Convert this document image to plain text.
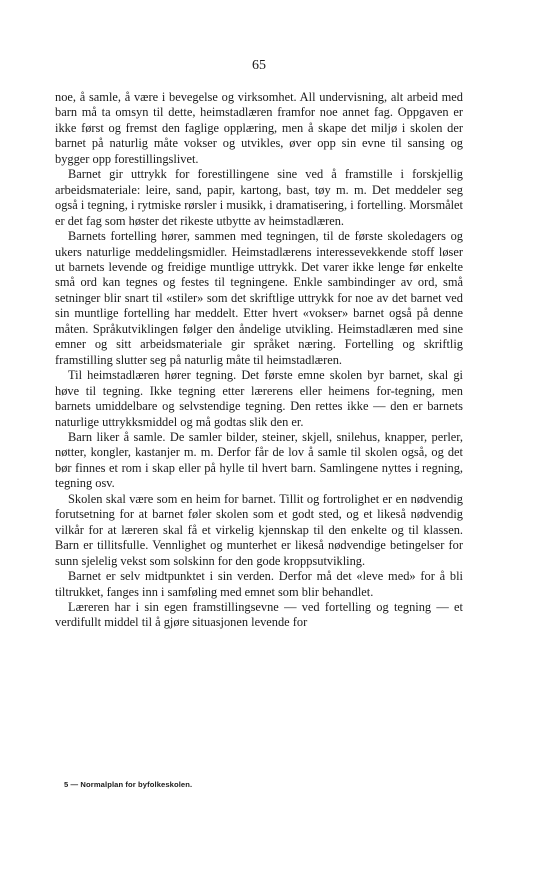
65

noe, å samle, å være i bevegelse og virksomhet. All undervisning, alt arbeid med barn må ta omsyn til dette, heimstadlæren framfor noe annet fag. Oppgaven er ikke først og fremst den faglige opplæring, men å skape det miljø i skolen der barnet på naturlig måte vokser og utvikles, øver opp sin evne til sansing og bygger opp forestillingslivet.

Barnet gir uttrykk for forestillingene sine ved å framstille i forskjellig arbeidsmateriale: leire, sand, papir, kartong, bast, tøy m. m. Det meddeler seg også i tegning, i rytmiske rørsler i musikk, i dramatisering, i fortelling. Morsmålet er det fag som høster det rikeste utbytte av heimstadlæren.

Barnets fortelling hører, sammen med tegningen, til de første skoledagers og ukers naturlige meddelingsmidler. Heimstadlærens interessevekkende stoff løser ut barnets levende og freidige muntlige uttrykk. Det varer ikke lenge før enkelte små ord kan tegnes og festes til tegningene. Enkle sambindinger av ord, små setninger blir snart til «stiler» som det skriftlige uttrykk for noe av det barnet ved sin muntlige fortelling har meddelt. Etter hvert «vokser» barnet også på denne måten. Språkutviklingen følger den åndelige utvikling. Heimstadlæren med sine emner og sitt arbeidsmateriale gir språket næring. Fortelling og skriftlig framstilling slutter seg på naturlig måte til heimstadlæren.

Til heimstadlæren hører tegning. Det første emne skolen byr barnet, skal gi høve til tegning. Ikke tegning etter lærerens eller heimens for-tegning, men barnets umiddelbare og selvstendige tegning. Den rettes ikke — den er barnets naturlige uttrykksmiddel og må godtas slik den er.

Barn liker å samle. De samler bilder, steiner, skjell, snilehus, knapper, perler, nøtter, kongler, kastanjer m. m. Derfor får de lov å samle til skolen også, og det bør finnes et rom i skap eller på hylle til hvert barn. Samlingene nyttes i regning, tegning osv.

Skolen skal være som en heim for barnet. Tillit og fortrolighet er en nødvendig forutsetning for at barnet føler skolen som et godt sted, og et likeså nødvendig vilkår for at læreren skal få et virkelig kjennskap til den enkelte og til klassen. Barn er tillitsfulle. Vennlighet og munterhet er likeså nødvendige betingelser for sunn sjelelig vekst som solskinn for den gode kroppsutvikling.

Barnet er selv midtpunktet i sin verden. Derfor må det «leve med» for å bli tiltrukket, fanges inn i samføling med emnet som blir behandlet.

Læreren har i sin egen framstillingsevne — ved fortelling og tegning — et verdifullt middel til å gjøre situasjonen levende for

5 — Normalplan for byfolkeskolen.
